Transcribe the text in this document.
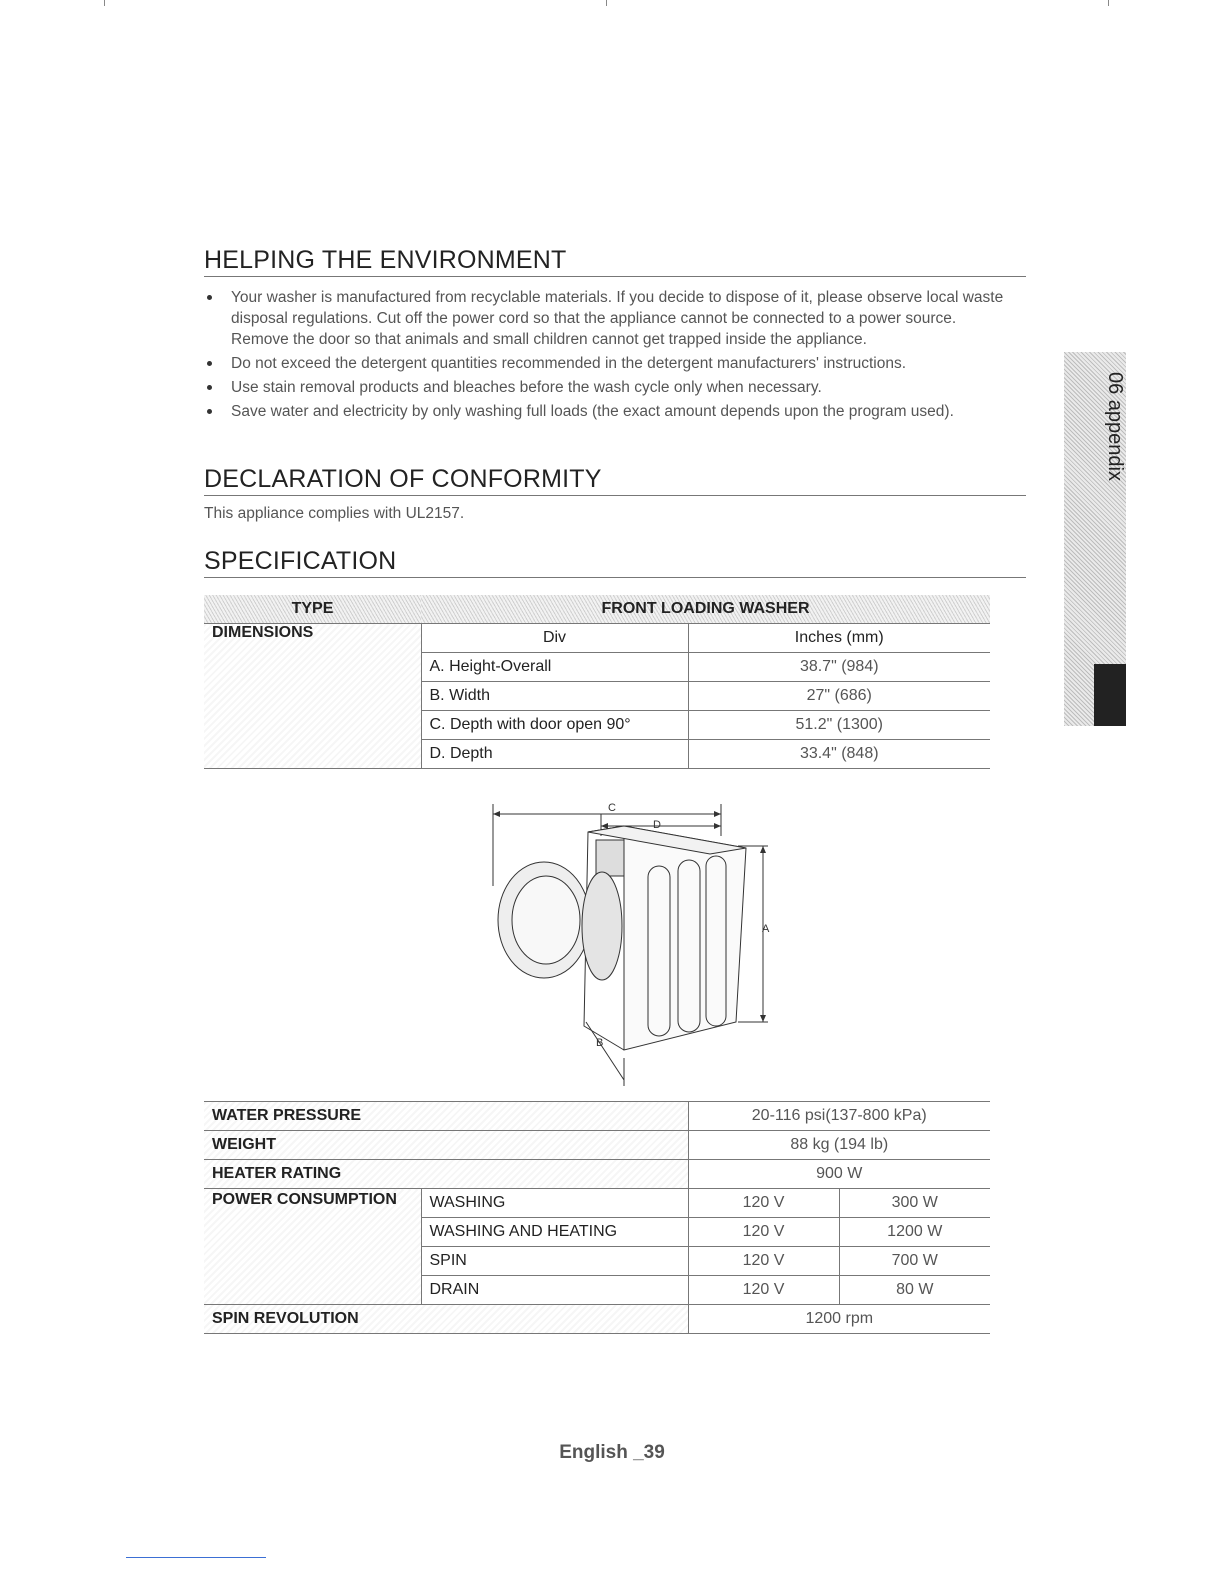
HELPING THE ENVIRONMENT
Your washer is manufactured from recyclable materials. If you decide to dispose of it, please observe local waste disposal regulations. Cut off the power cord so that the appliance cannot be connected to a power source. Remove the door so that animals and small children cannot get trapped inside the appliance.
Do not exceed the detergent quantities recommended in the detergent manufacturers' instructions.
Use stain removal products and bleaches before the wash cycle only when necessary.
Save water and electricity by only washing full loads (the exact amount depends upon the program used).
DECLARATION OF CONFORMITY
This appliance complies with UL2157.
SPECIFICATION
TYPE	FRONT LOADING WASHER	
DIMENSIONS	Div	Inches (mm)
	A. Height-Overall	38.7" (984)
	B. Width	27" (686)
	C. Depth with door open 90°	51.2" (1300)
	D. Depth	33.4" (848)
C
D
A
B
WATER PRESSURE		20-116 psi(137-800 kPa)	
WEIGHT		88 kg (194 lb)	
HEATER RATING		900 W	
POWER CONSUMPTION	WASHING	120 V	300 W
	WASHING AND HEATING	120 V	1200 W
	SPIN	120 V	700 W
	DRAIN	120 V	80 W
SPIN REVOLUTION		1200 rpm	
06 appendix
English _39
